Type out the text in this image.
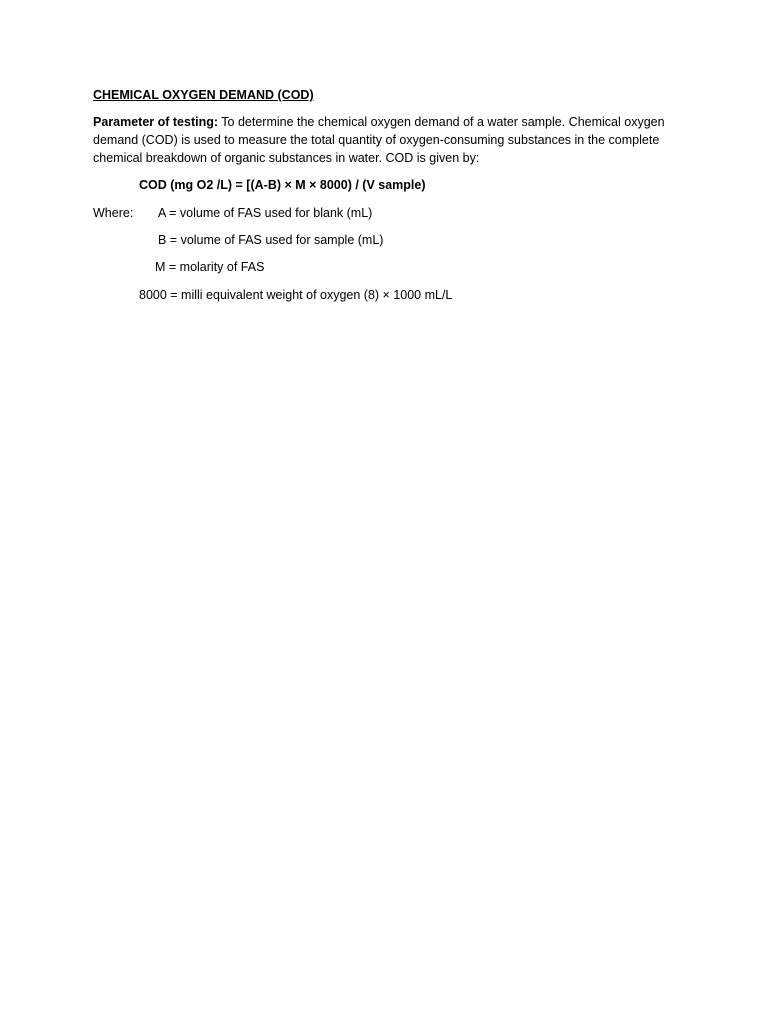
CHEMICAL OXYGEN DEMAND (COD)
Parameter of testing: To determine the chemical oxygen demand of a water sample. Chemical oxygen demand (COD) is used to measure the total quantity of oxygen-consuming substances in the complete chemical breakdown of organic substances in water. COD is given by:
COD (mg O2 /L) = [(A-B) × M × 8000) / (V sample)
Where: A = volume of FAS used for blank (mL)
B = volume of FAS used for sample (mL)
M = molarity of FAS
8000 = milli equivalent weight of oxygen (8) × 1000 mL/L
